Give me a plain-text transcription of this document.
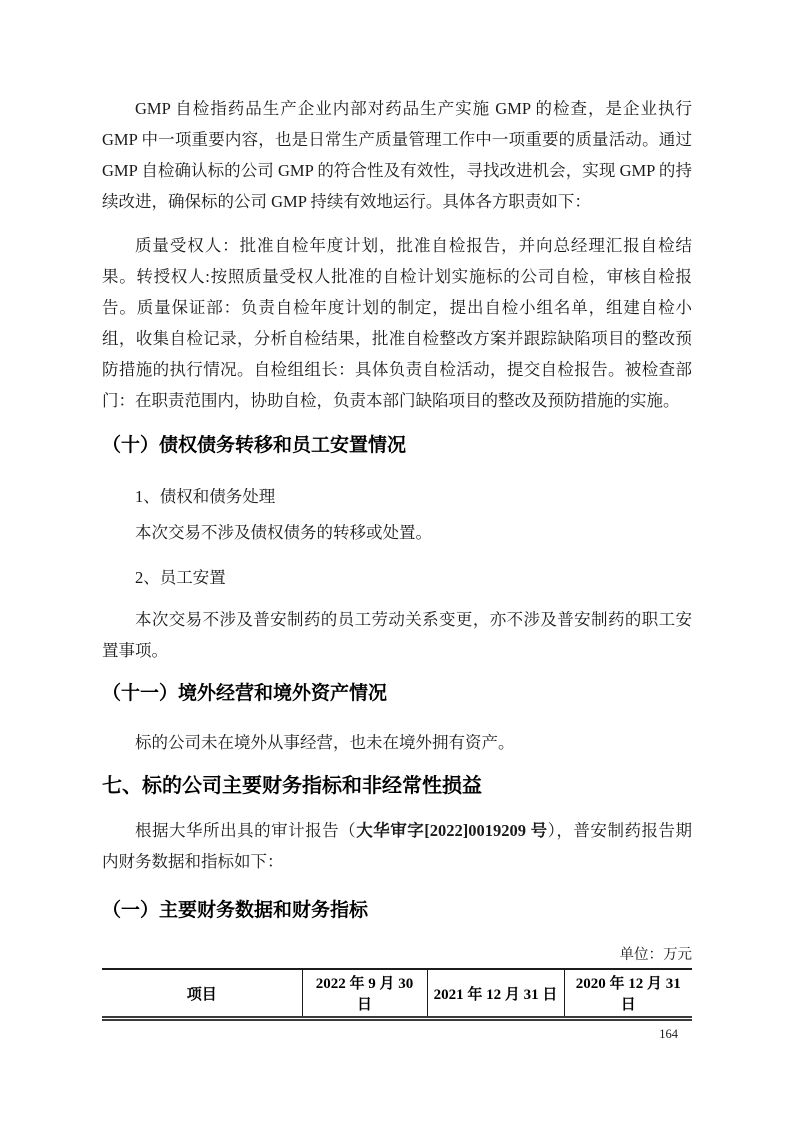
GMP 自检指药品生产企业内部对药品生产实施 GMP 的检查，是企业执行 GMP 中一项重要内容，也是日常生产质量管理工作中一项重要的质量活动。通过 GMP 自检确认标的公司 GMP 的符合性及有效性，寻找改进机会，实现 GMP 的持续改进，确保标的公司 GMP 持续有效地运行。具体各方职责如下：

质量受权人：批准自检年度计划，批准自检报告，并向总经理汇报自检结果。转授权人:按照质量受权人批准的自检计划实施标的公司自检，审核自检报告。质量保证部：负责自检年度计划的制定，提出自检小组名单，组建自检小组，收集自检记录，分析自检结果，批准自检整改方案并跟踪缺陷项目的整改预防措施的执行情况。自检组组长：具体负责自检活动，提交自检报告。被检查部门：在职责范围内，协助自检，负责本部门缺陷项目的整改及预防措施的实施。

（十）债权债务转移和员工安置情况

1、债权和债务处理

本次交易不涉及债权债务的转移或处置。

2、员工安置

本次交易不涉及普安制药的员工劳动关系变更，亦不涉及普安制药的职工安置事项。

（十一）境外经营和境外资产情况

标的公司未在境外从事经营，也未在境外拥有资产。

七、标的公司主要财务指标和非经常性损益

根据大华所出具的审计报告（大华审字[2022]0019209 号），普安制药报告期内财务数据和指标如下：

（一）主要财务数据和财务指标
单位：万元
项目	2022 年 9 月 30 日	2021 年 12 月 31 日	2020 年 12 月 31 日
164
